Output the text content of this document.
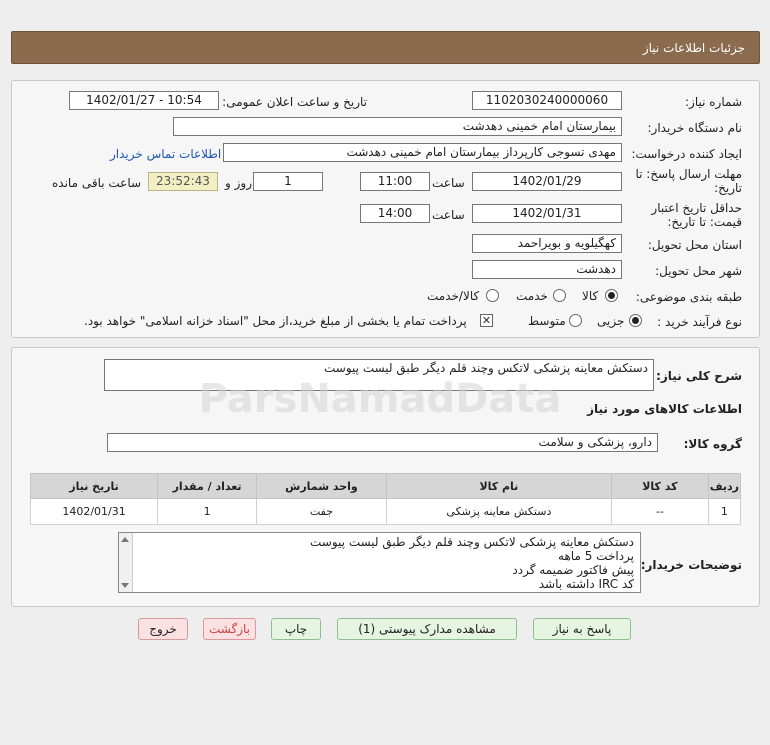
جزئیات اطلاعات نیاز
شماره نیاز:
1102030240000060
تاریخ و ساعت اعلان عمومی:
1402/01/27 - 10:54
نام دستگاه خریدار:
بیمارستان امام خمینی دهدشت
ایجاد کننده درخواست:
مهدی تسوجی کارپرداز بیمارستان امام خمینی دهدشت
اطلاعات تماس خریدار
مهلت ارسال پاسخ: تا
تاریخ:
1402/01/29
ساعت
11:00
1
روز و
23:52:43
ساعت باقی مانده
حداقل تاریخ اعتبار
قیمت: تا تاریخ:
1402/01/31
ساعت
14:00
استان محل تحویل:
کهگیلویه و بویراحمد
شهر محل تحویل:
دهدشت
طبقه بندی موضوعی:
کالا
خدمت
کالا/خدمت
نوع فرآیند خرید :
جزیی
متوسط
✕
پرداخت تمام یا بخشی از مبلغ خرید،از محل "اسناد خزانه اسلامی" خواهد بود.
شرح کلی نیاز:
دستکش معاینه پزشکی لاتکس وچند قلم دیگر طبق لیست پیوست
اطلاعات کالاهای مورد نیاز
گروه کالا:
دارو، پزشکی و سلامت
ردیف	کد کالا	نام کالا	واحد شمارش	تعداد / مقدار	تاریخ نیاز
1	--	دستکش معاینه پزشکی	جفت	1	1402/01/31
توضیحات خریدار:
دستکش معاینه پزشکی لاتکس وچند قلم دیگر طبق لیست پیوست
پرداخت 5 ماهه
پیش فاکتور ضمیمه گردد
کد IRC داشته باشد
پاسخ به نیاز
مشاهده مدارک پیوستی (1)
چاپ
بازگشت
خروج
ParsNamadData
